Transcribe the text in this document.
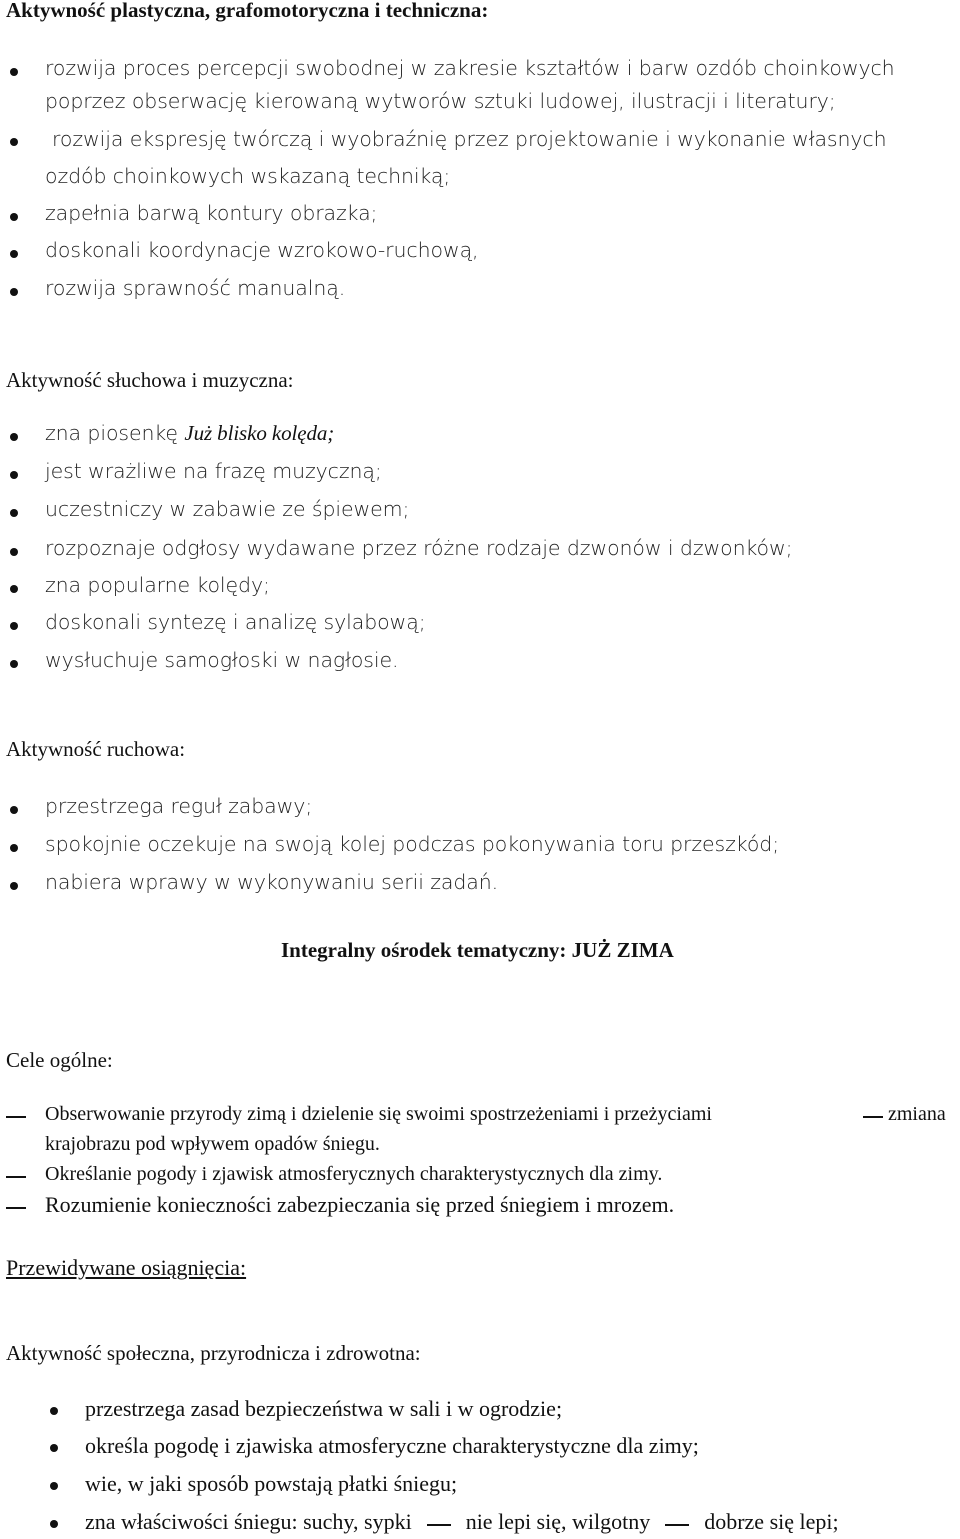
Aktywność plastyczna, grafomotoryczna i techniczna:
rozwija proces percepcji swobodnej w zakresie kształtów i barw ozdób choinkowych
poprzez obserwację kierowaną wytworów sztuki ludowej, ilustracji i literatury;
rozwija ekspresję twórczą i wyobraźnię przez projektowanie i wykonanie własnych
ozdób choinkowych wskazaną techniką;
zapełnia barwą kontury obrazka;
doskonali koordynacje wzrokowo-ruchową,
rozwija sprawność manualną.
Aktywność słuchowa i muzyczna:
zna piosenkę Już blisko kolęda;
jest wrażliwe na frazę muzyczną;
uczestniczy w zabawie ze śpiewem;
rozpoznaje odgłosy wydawane przez różne rodzaje dzwonów i dzwonków;
zna popularne kolędy;
doskonali syntezę i analizę sylabową;
wysłuchuje samogłoski w nagłosie.
Aktywność ruchowa:
przestrzega reguł zabawy;
spokojnie oczekuje na swoją kolej podczas pokonywania toru przeszkód;
nabiera wprawy w wykonywaniu serii zadań.
Integralny ośrodek tematyczny: JUŻ ZIMA
Cele ogólne:
Obserwowanie przyrody zimą i dzielenie się swoimi spostrzeżeniami i przeżyciami	zmiana
krajobrazu pod wpływem opadów śniegu.
Określanie pogody i zjawisk atmosferycznych charakterystycznych dla zimy.
Rozumienie konieczności zabezpieczania się przed śniegiem i mrozem.
Przewidywane osiągnięcia:
Aktywność społeczna, przyrodnicza i zdrowotna:
przestrzega zasad bezpieczeństwa w sali i w ogrodzie;
określa pogodę i zjawiska atmosferyczne charakterystyczne dla zimy;
wie, w jaki sposób powstają płatki śniegu;
zna właściwości śniegu: suchy, sypki nie lepi się, wilgotny dobrze się lepi;
